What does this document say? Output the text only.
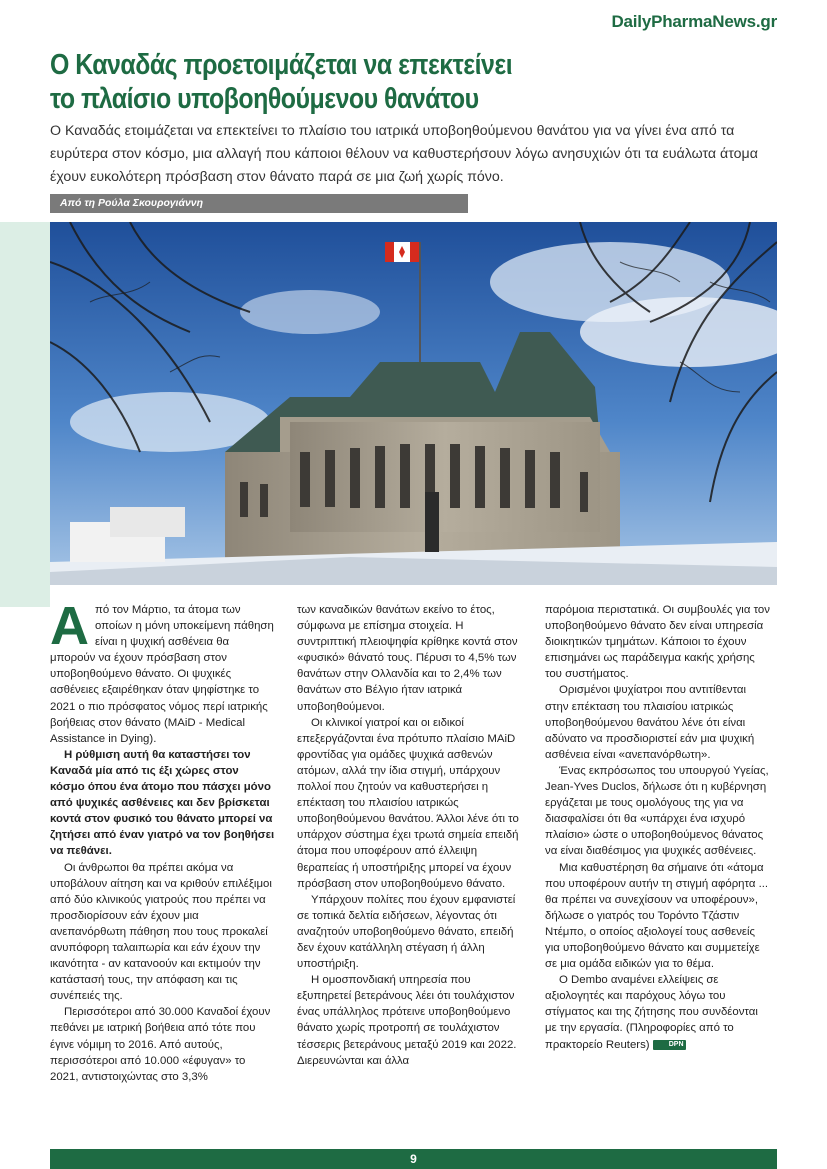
DailyPharmaNews.gr
Ο Καναδάς προετοιμάζεται να επεκτείνει
το πλαίσιο υποβοηθούμενου θανάτου

Ο Καναδάς ετοιμάζεται να επεκτείνει το πλαίσιο του ιατρικά υποβοηθούμενου θανάτου για να γίνει ένα από τα ευρύτερα στον κόσμο, μια αλλαγή που κάποιοι θέλουν να καθυστερήσουν λόγω ανησυχιών ότι τα ευάλωτα άτομα έχουν ευκολότερη πρόσβαση στον θάνατο παρά σε μια ζωή χωρίς πόνο.

Από τη Ρούλα Σκουρογιάννη

Από τον Μάρτιο, τα άτομα των οποίων η μόνη υποκείμενη πάθηση είναι η ψυχική ασθένεια θα μπορούν να έχουν πρόσβαση στον υποβοηθούμενο θάνατο. Οι ψυχικές ασθένειες εξαιρέθηκαν όταν ψηφίστηκε το 2021 ο πιο πρόσφατος νόμος περί ιατρικής βοήθειας στον θάνατο (MAiD - Medical Assistance in Dying).

Η ρύθμιση αυτή θα καταστήσει τον Καναδά μία από τις έξι χώρες στον κόσμο όπου ένα άτομο που πάσχει μόνο από ψυχικές ασθένειες και δεν βρίσκεται κοντά στον φυσικό του θάνατο μπορεί να ζητήσει από έναν γιατρό να τον βοηθήσει να πεθάνει.

Οι άνθρωποι θα πρέπει ακόμα να υποβάλουν αίτηση και να κριθούν επιλέξιμοι από δύο κλινικούς γιατρούς που πρέπει να προσδιορίσουν εάν έχουν μια ανεπανόρθωτη πάθηση που τους προκαλεί ανυπόφορη ταλαιπωρία και εάν έχουν την ικανότητα - αν κατανοούν και εκτιμούν την κατάστασή τους, την απόφαση και τις συνέπειές της.

Περισσότεροι από 30.000 Καναδοί έχουν πεθάνει με ιατρική βοήθεια από τότε που έγινε νόμιμη το 2016. Από αυτούς, περισσότεροι από 10.000 «έφυγαν» το 2021, αντιστοιχώντας στο 3,3%

των καναδικών θανάτων εκείνο το έτος, σύμφωνα με επίσημα στοιχεία. Η συντριπτική πλειοψηφία κρίθηκε κοντά στον «φυσικό» θάνατό τους. Πέρυσι το 4,5% των θανάτων στην Ολλανδία και το 2,4% των θανάτων στο Βέλγιο ήταν ιατρικά υποβοηθούμενοι.

Οι κλινικοί γιατροί και οι ειδικοί επεξεργάζονται ένα πρότυπο πλαίσιο MAiD φροντίδας για ομάδες ψυχικά ασθενών ατόμων, αλλά την ίδια στιγμή, υπάρχουν πολλοί που ζητούν να καθυστερήσει η επέκταση του πλαισίου ιατρικώς υποβοηθούμενου θανάτου. Άλλοι λένε ότι το υπάρχον σύστημα έχει τρωτά σημεία επειδή άτομα που υποφέρουν από έλλειψη θεραπείας ή υποστήριξης μπορεί να έχουν πρόσβαση στον υποβοηθούμενο θάνατο.

Υπάρχουν πολίτες που έχουν εμφανιστεί σε τοπικά δελτία ειδήσεων, λέγοντας ότι αναζητούν υποβοηθούμενο θάνατο, επειδή δεν έχουν κατάλληλη στέγαση ή άλλη υποστήριξη.

Η ομοσπονδιακή υπηρεσία που εξυπηρετεί βετεράνους λέει ότι τουλάχιστον ένας υπάλληλος πρότεινε υποβοηθούμενο θάνατο χωρίς προτροπή σε τουλάχιστον τέσσερις βετεράνους μεταξύ 2019 και 2022. Διερευνώνται και άλλα

παρόμοια περιστατικά. Οι συμβουλές για τον υποβοηθούμενο θάνατο δεν είναι υπηρεσία διοικητικών τμημάτων. Κάποιοι το έχουν επισημάνει ως παράδειγμα κακής χρήσης του συστήματος.

Ορισμένοι ψυχίατροι που αντιτίθενται στην επέκταση του πλαισίου ιατρικώς υποβοηθούμενου θανάτου λένε ότι είναι αδύνατο να προσδιοριστεί εάν μια ψυχική ασθένεια είναι «ανεπανόρθωτη».

Ένας εκπρόσωπος του υπουργού Υγείας, Jean-Yves Duclos, δήλωσε ότι η κυβέρνηση εργάζεται με τους ομολόγους της για να διασφαλίσει ότι θα «υπάρχει ένα ισχυρό πλαίσιο» ώστε ο υποβοηθούμενος θάνατος να είναι διαθέσιμος για ψυχικές ασθένειες.

Μια καθυστέρηση θα σήμαινε ότι «άτομα που υποφέρουν αυτήν τη στιγμή αφόρητα ... θα πρέπει να συνεχίσουν να υποφέρουν», δήλωσε ο γιατρός του Τορόντο Τζάστιν Ντέμπο, ο οποίος αξιολογεί τους ασθενείς για υποβοηθούμενο θάνατο και συμμετείχε σε μια ομάδα ειδικών για το θέμα.

Ο Dembo αναμένει ελλείψεις σε αξιολογητές και παρόχους λόγω του στίγματος και της ζήτησης που συνδέονται με την εργασία. (Πληροφορίες από το πρακτορείο Reuters)	DPN

9
